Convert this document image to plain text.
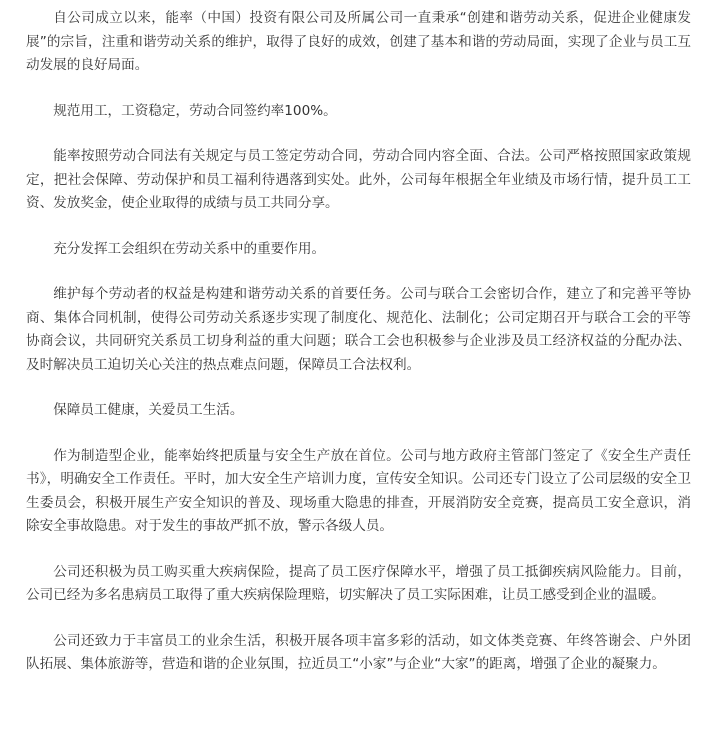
自公司成立以来，能率（中国）投资有限公司及所属公司一直秉承“创建和谐劳动关系，促进企业健康发展”的宗旨，注重和谐劳动关系的维护，取得了良好的成效，创建了基本和谐的劳动局面，实现了企业与员工互动发展的良好局面。

规范用工，工资稳定，劳动合同签约率100%。

能率按照劳动合同法有关规定与员工签定劳动合同，劳动合同内容全面、合法。公司严格按照国家政策规定，把社会保障、劳动保护和员工福利待遇落到实处。此外，公司每年根据全年业绩及市场行情，提升员工工资、发放奖金，使企业取得的成绩与员工共同分享。

充分发挥工会组织在劳动关系中的重要作用。

维护每个劳动者的权益是构建和谐劳动关系的首要任务。公司与联合工会密切合作，建立了和完善平等协商、集体合同机制，使得公司劳动关系逐步实现了制度化、规范化、法制化；公司定期召开与联合工会的平等协商会议，共同研究关系员工切身利益的重大问题；联合工会也积极参与企业涉及员工经济权益的分配办法、及时解决员工迫切关心关注的热点难点问题，保障员工合法权利。

保障员工健康，关爱员工生活。

作为制造型企业，能率始终把质量与安全生产放在首位。公司与地方政府主管部门签定了《安全生产责任书》，明确安全工作责任。平时，加大安全生产培训力度，宣传安全知识。公司还专门设立了公司层级的安全卫生委员会，积极开展生产安全知识的普及、现场重大隐患的排查，开展消防安全竞赛，提高员工安全意识，消除安全事故隐患。对于发生的事故严抓不放，警示各级人员。

公司还积极为员工购买重大疾病保险，提高了员工医疗保障水平，增强了员工抵御疾病风险能力。目前，公司已经为多名患病员工取得了重大疾病保险理赔，切实解决了员工实际困难，让员工感受到企业的温暖。

公司还致力于丰富员工的业余生活，积极开展各项丰富多彩的活动，如文体类竞赛、年终答谢会、户外团队拓展、集体旅游等，营造和谐的企业氛围，拉近员工“小家”与企业“大家”的距离，增强了企业的凝聚力。
